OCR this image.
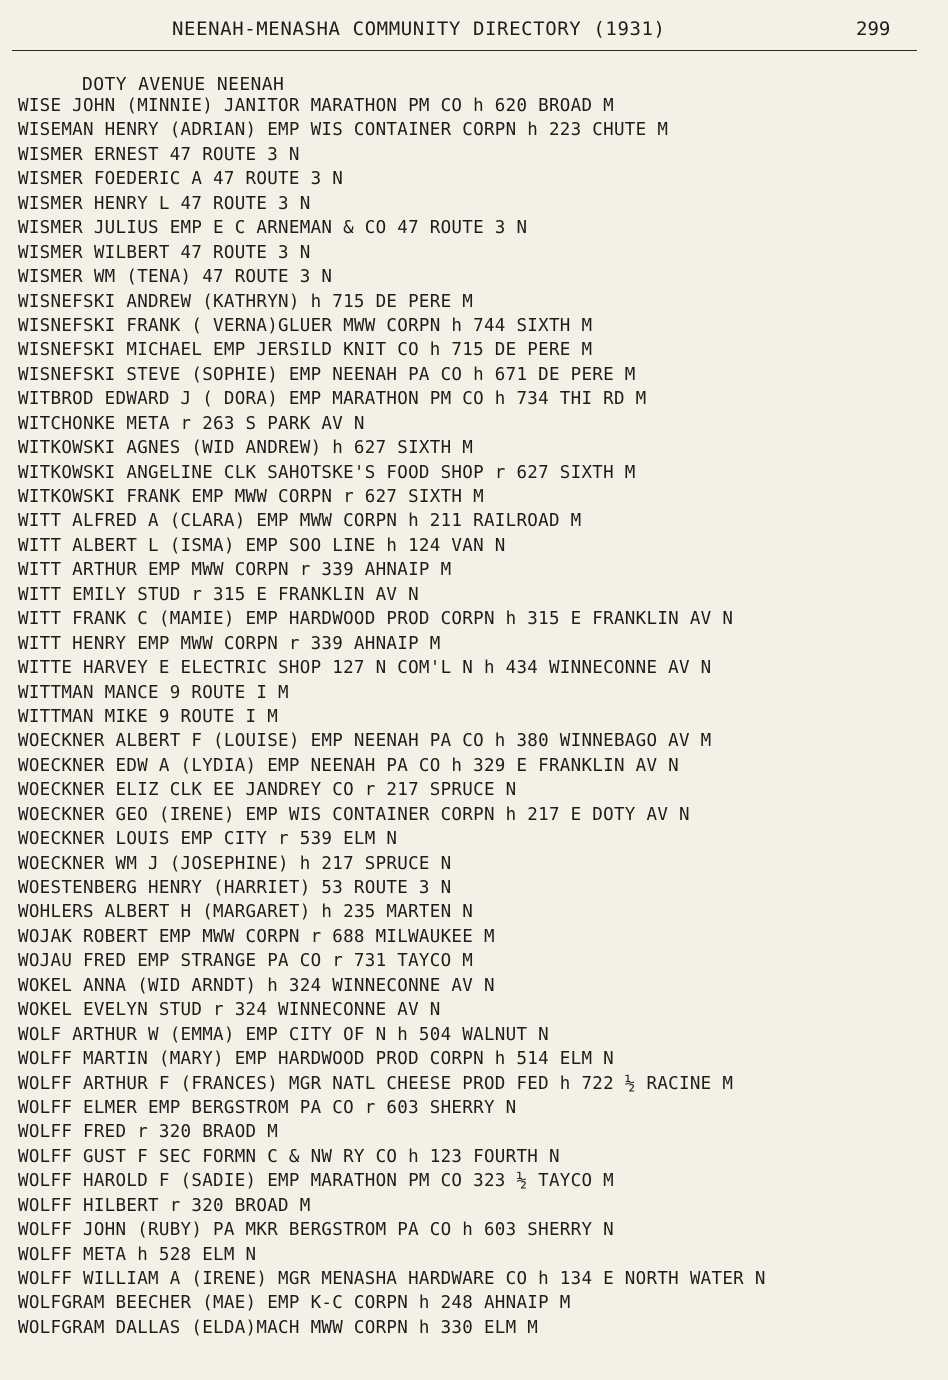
NEENAH-MENASHA COMMUNITY DIRECTORY (1931)	299
DOTY AVENUE NEENAH
WISE JOHN (MINNIE) JANITOR MARATHON PM CO h 620 BROAD M
WISEMAN HENRY (ADRIAN) EMP WIS CONTAINER CORPN h 223 CHUTE M
WISMER ERNEST 47 ROUTE 3 N
WISMER FOEDERIC A 47 ROUTE 3 N
WISMER HENRY L 47 ROUTE 3 N
WISMER JULIUS EMP E C ARNEMAN & CO 47 ROUTE 3 N
WISMER WILBERT 47 ROUTE 3 N
WISMER WM (TENA) 47 ROUTE 3 N
WISNEFSKI ANDREW (KATHRYN) h 715 DE PERE M
WISNEFSKI FRANK ( VERNA)GLUER MWW CORPN h 744 SIXTH M
WISNEFSKI MICHAEL EMP JERSILD KNIT CO h 715 DE PERE M
WISNEFSKI STEVE (SOPHIE) EMP NEENAH PA CO h 671 DE PERE M
WITBROD EDWARD J ( DORA) EMP MARATHON PM CO h 734 THI RD M
WITCHONKE META r 263 S PARK AV N
WITKOWSKI AGNES (WID ANDREW) h 627 SIXTH M
WITKOWSKI ANGELINE CLK SAHOTSKE'S FOOD SHOP r 627 SIXTH M
WITKOWSKI FRANK EMP MWW CORPN r 627 SIXTH M
WITT ALFRED A (CLARA) EMP MWW CORPN h 211 RAILROAD M
WITT ALBERT L (ISMA) EMP SOO LINE h 124 VAN N
WITT ARTHUR EMP MWW CORPN r 339 AHNAIP M
WITT EMILY STUD r 315 E FRANKLIN AV N
WITT FRANK C (MAMIE) EMP HARDWOOD PROD CORPN h 315 E FRANKLIN AV N
WITT HENRY EMP MWW CORPN r 339 AHNAIP M
WITTE HARVEY E ELECTRIC SHOP 127 N COM'L N h 434 WINNECONNE AV N
WITTMAN MANCE 9 ROUTE I M
WITTMAN MIKE 9 ROUTE I M
WOECKNER ALBERT F (LOUISE) EMP NEENAH PA CO h 380 WINNEBAGO AV M
WOECKNER EDW A (LYDIA) EMP NEENAH PA CO h 329 E FRANKLIN AV N
WOECKNER ELIZ CLK EE JANDREY CO r 217 SPRUCE N
WOECKNER GEO (IRENE) EMP WIS CONTAINER CORPN h 217 E DOTY AV N
WOECKNER LOUIS EMP CITY r 539 ELM N
WOECKNER WM J (JOSEPHINE) h 217 SPRUCE N
WOESTENBERG HENRY (HARRIET) 53 ROUTE 3 N
WOHLERS ALBERT H (MARGARET) h 235 MARTEN N
WOJAK ROBERT EMP MWW CORPN r 688 MILWAUKEE M
WOJAU FRED EMP STRANGE PA CO r 731 TAYCO M
WOKEL ANNA (WID ARNDT) h 324 WINNECONNE AV N
WOKEL EVELYN STUD r 324 WINNECONNE AV N
WOLF ARTHUR W (EMMA) EMP CITY OF N h 504 WALNUT N
WOLFF MARTIN (MARY) EMP HARDWOOD PROD CORPN h 514 ELM N
WOLFF ARTHUR F (FRANCES) MGR NATL CHEESE PROD FED h 722 ½ RACINE M
WOLFF ELMER EMP BERGSTROM PA CO r 603 SHERRY N
WOLFF FRED r 320 BRAOD M
WOLFF GUST F SEC FORMN C & NW RY CO h 123 FOURTH N
WOLFF HAROLD F (SADIE) EMP MARATHON PM CO 323 ½ TAYCO M
WOLFF HILBERT r 320 BROAD M
WOLFF JOHN (RUBY) PA MKR BERGSTROM PA CO h 603 SHERRY N
WOLFF META h 528 ELM N
WOLFF WILLIAM A (IRENE) MGR MENASHA HARDWARE CO h 134 E NORTH WATER N
WOLFGRAM BEECHER (MAE) EMP K-C CORPN h 248 AHNAIP M
WOLFGRAM DALLAS (ELDA)MACH MWW CORPN h 330 ELM M
